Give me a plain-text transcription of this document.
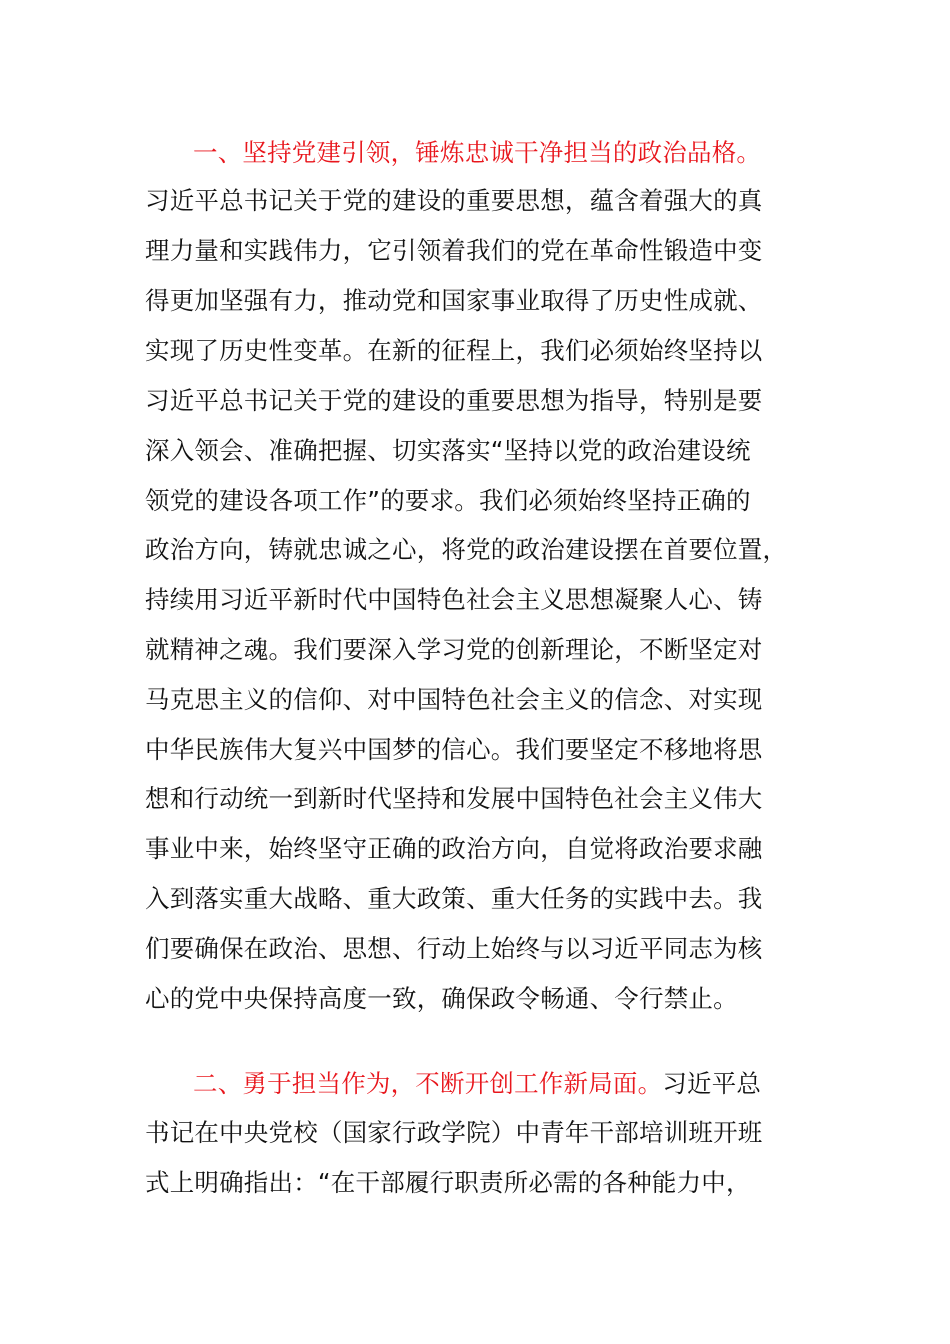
一、坚持党建引领，锤炼忠诚干净担当的政治品格。
习近平总书记关于党的建设的重要思想，蕴含着强大的真
理力量和实践伟力，它引领着我们的党在革命性锻造中变
得更加坚强有力，推动党和国家事业取得了历史性成就、
实现了历史性变革。在新的征程上，我们必须始终坚持以
习近平总书记关于党的建设的重要思想为指导，特别是要
深入领会、准确把握、切实落实“坚持以党的政治建设统
领党的建设各项工作”的要求。我们必须始终坚持正确的
政治方向，铸就忠诚之心，将党的政治建设摆在首要位置，
持续用习近平新时代中国特色社会主义思想凝聚人心、铸
就精神之魂。我们要深入学习党的创新理论，不断坚定对
马克思主义的信仰、对中国特色社会主义的信念、对实现
中华民族伟大复兴中国梦的信心。我们要坚定不移地将思
想和行动统一到新时代坚持和发展中国特色社会主义伟大
事业中来，始终坚守正确的政治方向，自觉将政治要求融
入到落实重大战略、重大政策、重大任务的实践中去。我
们要确保在政治、思想、行动上始终与以习近平同志为核
心的党中央保持高度一致，确保政令畅通、令行禁止。
二、勇于担当作为，不断开创工作新局面。习近平总
书记在中央党校（国家行政学院）中青年干部培训班开班
式上明确指出：“在干部履行职责所必需的各种能力中，
